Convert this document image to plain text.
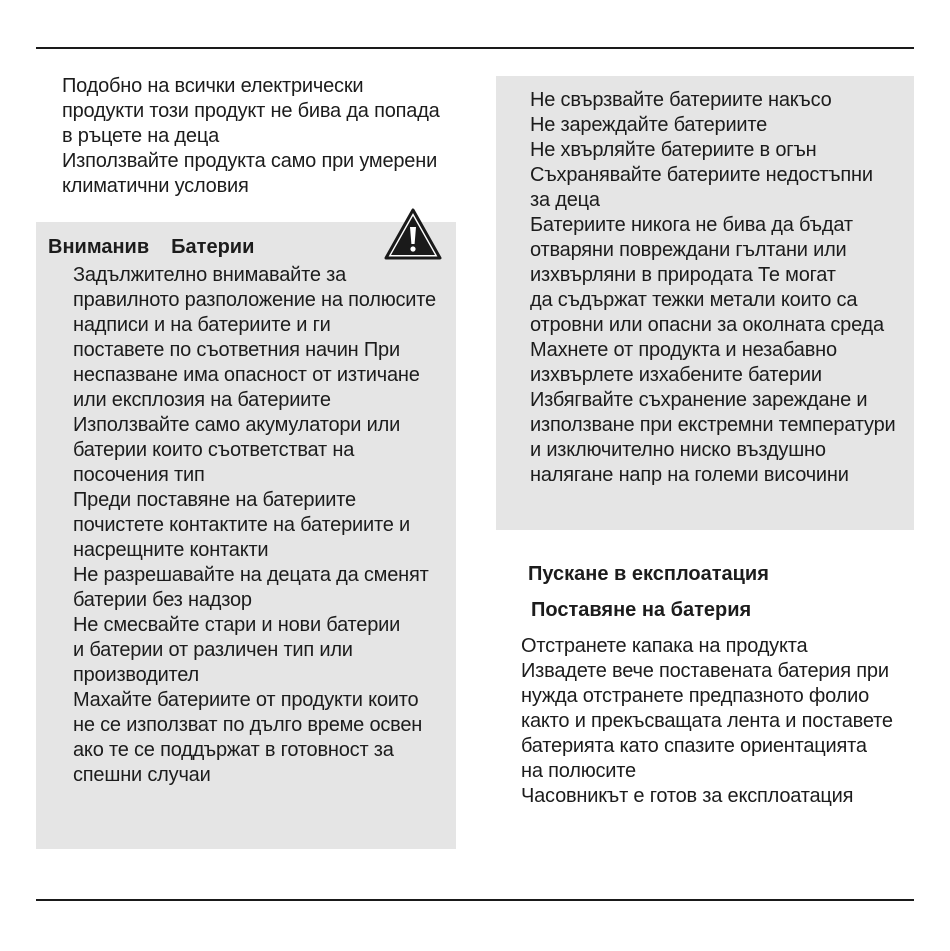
Подобно на всички електрически
продукти този продукт не бива да попада
в ръцете на деца
Използвайте продукта само при умерени
климатични условия
Вниманив Батерии
Задължително внимавайте за
правилното разположение на полюсите
надписи и на батериите и ги
поставете по съответния начин При
неспазване има опасност от изтичане
или експлозия на батериите
Използвайте само акумулатори или
батерии които съответстват на
посочения тип
Преди поставяне на батериите
почистете контактите на батериите и
насрещните контакти
Не разрешавайте на децата да сменят
батерии без надзор
Не смесвайте стари и нови батерии
и батерии от различен тип или
производител
Махайте батериите от продукти които
не се използват по дълго време освен
ако те се поддържат в готовност за
спешни случаи
Не свързвайте батериите накъсо
Не зареждайте батериите
Не хвърляйте батериите в огън
Съхранявайте батериите недостъпни
за деца
Батериите никога не бива да бъдат
отваряни повреждани гълтани или
изхвърляни в природата Те могат
да съдържат тежки метали които са
отровни или опасни за околната среда
Махнете от продукта и незабавно
изхвърлете изхабените батерии
Избягвайте съхранение зареждане и
използване при екстремни температури
и изключително ниско въздушно
налягане напр на големи височини
Пускане в експлоатация
Поставяне на батерия
Отстранете капака на продукта
Извадете вече поставената батерия при
нужда отстранете предпазното фолио
както и прекъсващата лента и поставете
батерията като спазите ориентацията
на полюсите
Часовникът е готов за експлоатация
